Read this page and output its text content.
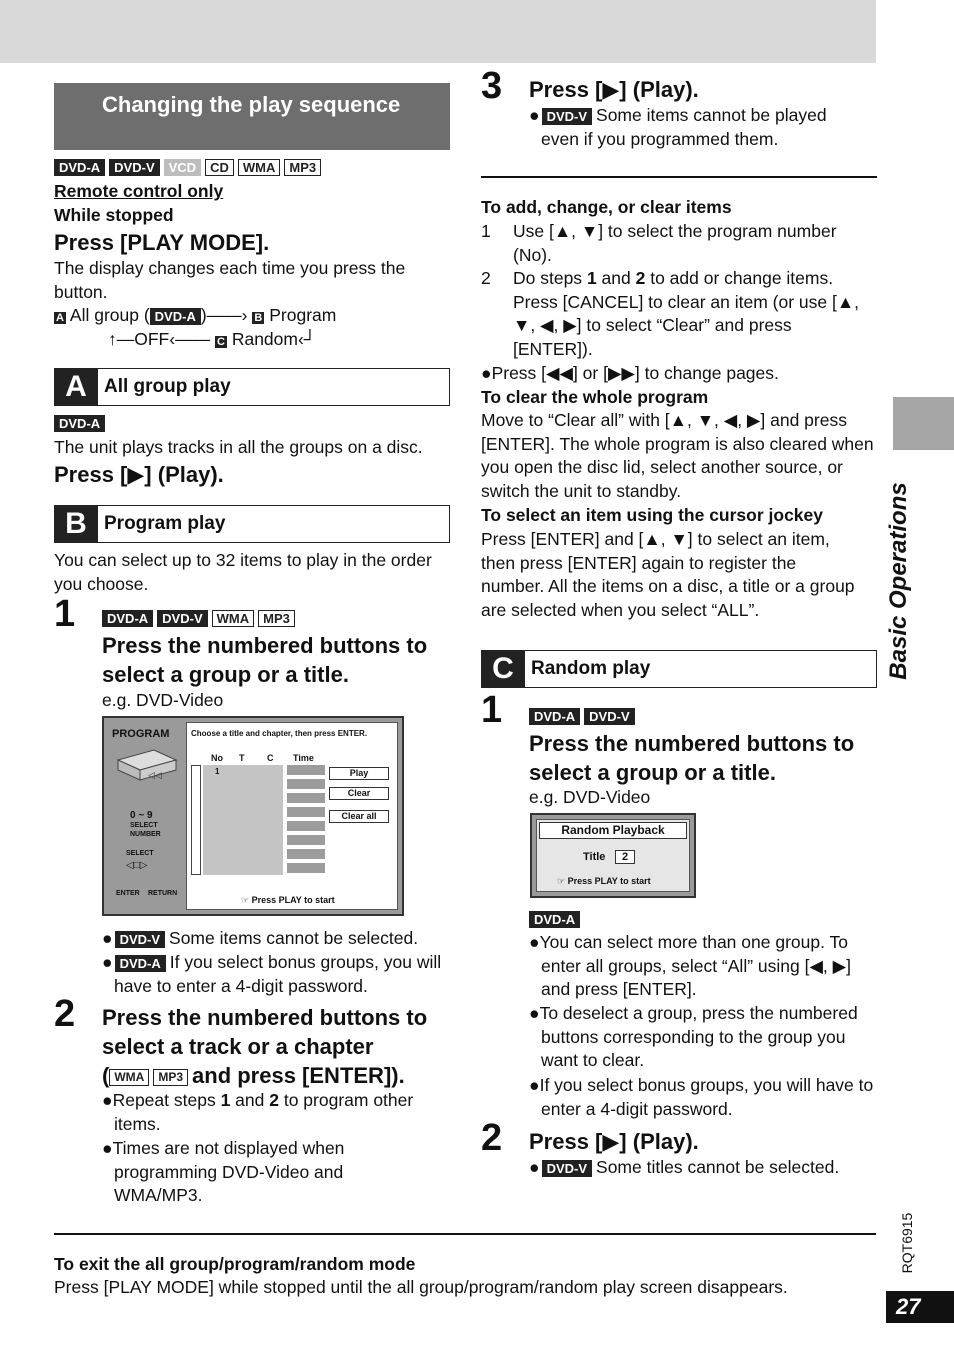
Basic Operations
RQT6915
27
Changing the play sequence
DVD-A DVD-V VCD CD WMA MP3
Remote control only
While stopped
Press [PLAY MODE].
The display changes each time you press the button.
A All group ( DVD-A )——› B Program
↑—OFF‹—— C Random‹┘
A All group play
DVD-A
The unit plays tracks in all the groups on a disc.
Press [▶] (Play).
B Program play
You can select up to 32 items to play in the order you choose.
1	DVD-A DVD-V WMA MP3
Press the numbered buttons to select a group or a title.
e.g. DVD-Video
PROGRAM
◁◁
0 ~ 9
SELECT NUMBER
SELECT
◁□▷
ENTER RETURN
Choose a title and chapter, then press ENTER.
No T	C Time
1	Play
Clear
Clear all
☞ Press PLAY to start
● DVD-V Some items cannot be selected.
● DVD-A If you select bonus groups, you will have to enter a 4-digit password.
2 Press the numbered buttons to select a track or a chapter
( WMA MP3 and press [ENTER]).
●Repeat steps 1 and 2 to program other items.
●Times are not displayed when programming DVD-Video and WMA/MP3.
3 Press [▶] (Play).
● DVD-V Some items cannot be played even if you programmed them.
To add, change, or clear items
1 Use [▲, ▼] to select the program number (No).
2 Do steps 1 and 2 to add or change items. Press [CANCEL] to clear an item (or use [▲, ▼, ◀, ▶] to select “Clear” and press [ENTER]).
●Press [◀◀] or [▶▶] to change pages.
To clear the whole program
Move to “Clear all” with [▲, ▼, ◀, ▶] and press [ENTER]. The whole program is also cleared when you open the disc lid, select another source, or switch the unit to standby.
To select an item using the cursor jockey
Press [ENTER] and [▲, ▼] to select an item, then press [ENTER] again to register the number. All the items on a disc, a title or a group are selected when you select “ALL”.
C Random play
1	DVD-A DVD-V
Press the numbered buttons to select a group or a title.
e.g. DVD-Video
Random Playback
Title	2
☞ Press PLAY to start
DVD-A
●You can select more than one group. To enter all groups, select “All” using [◀, ▶] and press [ENTER].
●To deselect a group, press the numbered buttons corresponding to the group you want to clear.
●If you select bonus groups, you will have to enter a 4-digit password.
2 Press [▶] (Play).
● DVD-V Some titles cannot be selected.
To exit the all group/program/random mode
Press [PLAY MODE] while stopped until the all group/program/random play screen disappears.
